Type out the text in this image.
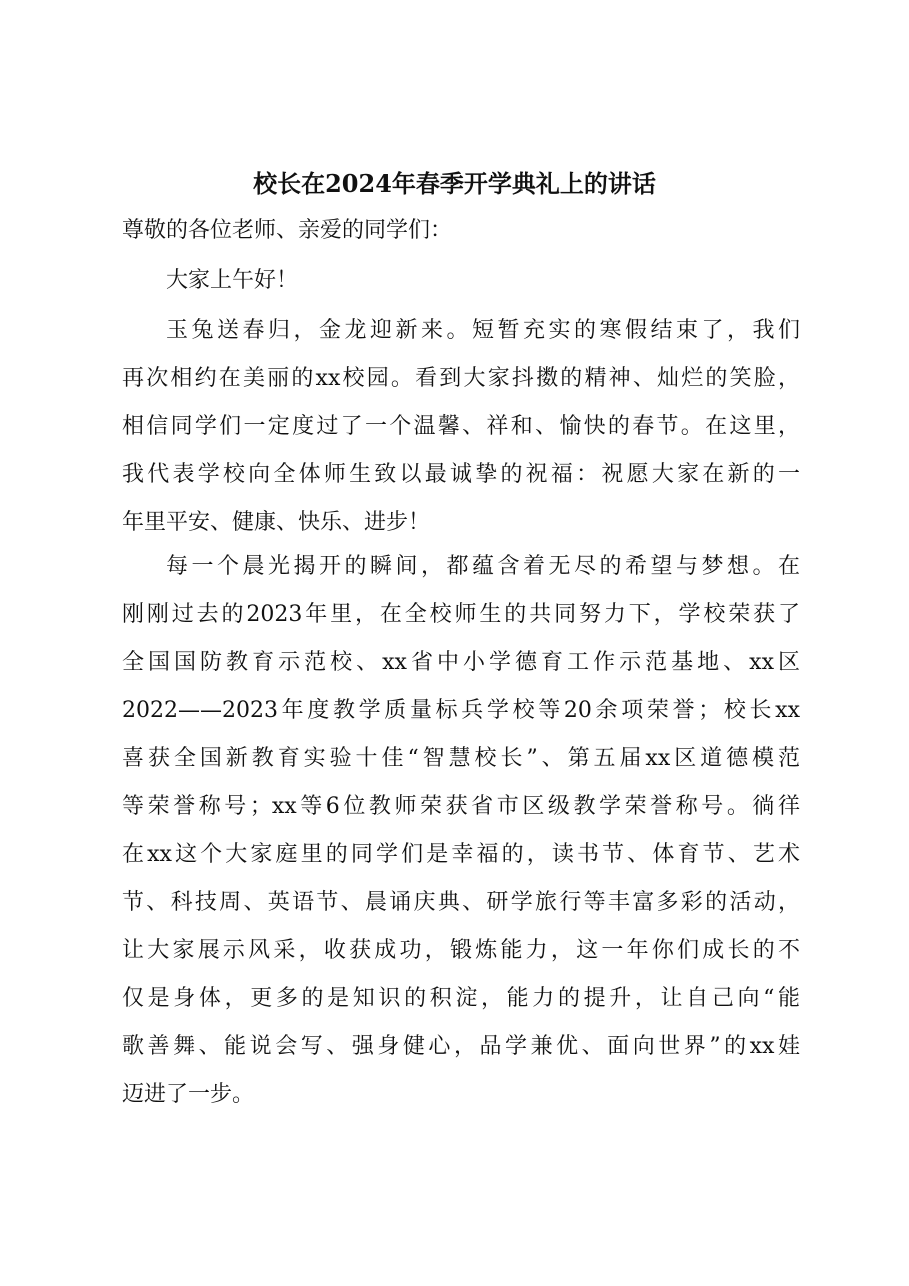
校长在2024年春季开学典礼上的讲话

尊敬的各位老师、亲爱的同学们：

大家上午好！

玉兔送春归，金龙迎新来。短暂充实的寒假结束了，我们

再次相约在美丽的xx校园。看到大家抖擞的精神、灿烂的笑脸，

相信同学们一定度过了一个温馨、祥和、愉快的春节。在这里，

我代表学校向全体师生致以最诚挚的祝福：祝愿大家在新的一

年里平安、健康、快乐、进步！

每一个晨光揭开的瞬间，都蕴含着无尽的希望与梦想。在

刚刚过去的2023年里，在全校师生的共同努力下，学校荣获了

全国国防教育示范校、xx省中小学德育工作示范基地、xx区

2022——2023年度教学质量标兵学校等20余项荣誉；校长xx

喜获全国新教育实验十佳“智慧校长”、第五届xx区道德模范

等荣誉称号；xx等6位教师荣获省市区级教学荣誉称号。徜徉

在xx这个大家庭里的同学们是幸福的，读书节、体育节、艺术

节、科技周、英语节、晨诵庆典、研学旅行等丰富多彩的活动，

让大家展示风采，收获成功，锻炼能力，这一年你们成长的不

仅是身体，更多的是知识的积淀，能力的提升，让自己向“能

歌善舞、能说会写、强身健心，品学兼优、面向世界”的xx娃

迈进了一步。
